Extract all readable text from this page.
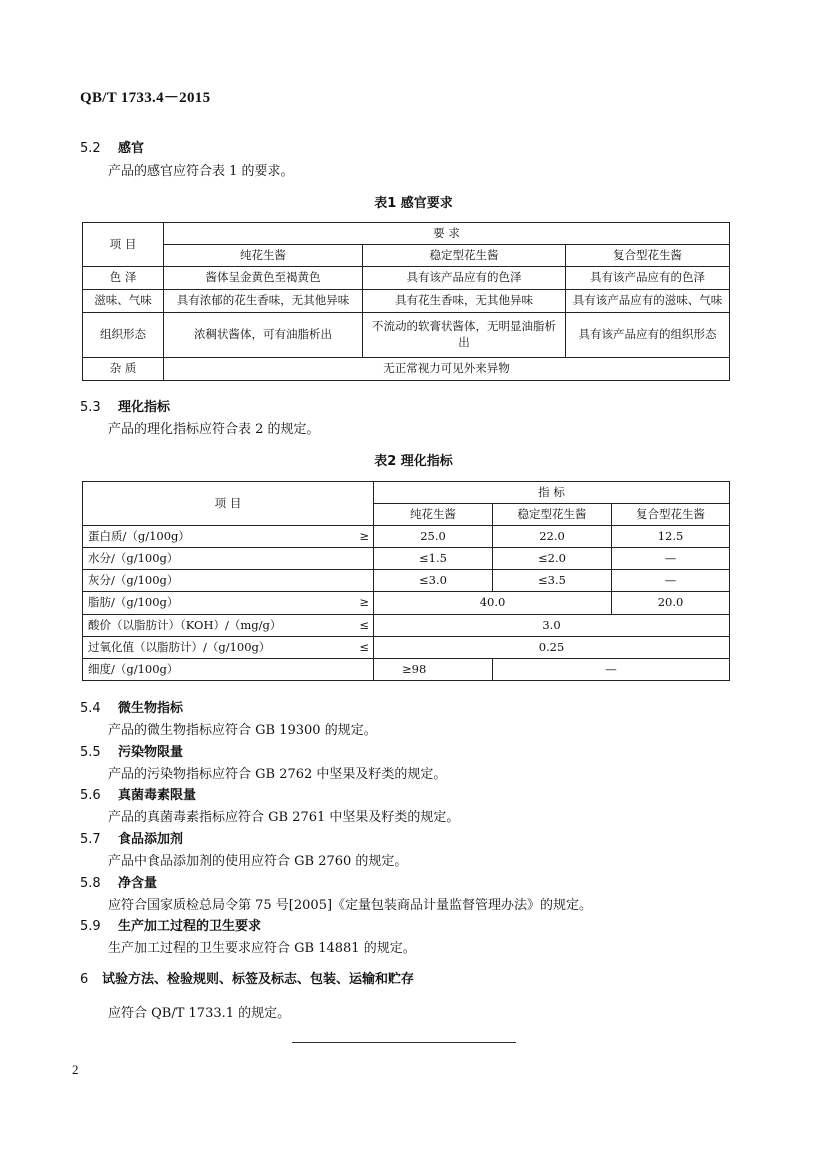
QB/T 1733.4－2015
5.2 感官
产品的感官应符合表 1 的要求。
表1 感官要求
项 目	要 求		
	纯花生酱	稳定型花生酱	复合型花生酱
色 泽	酱体呈金黄色至褐黄色	具有该产品应有的色泽	具有该产品应有的色泽
滋味、气味	具有浓郁的花生香味，无其他异味	具有花生香味，无其他异味	具有该产品应有的滋味、气味
组织形态	浓稠状酱体，可有油脂析出	不流动的软膏状酱体，无明显油脂析出	具有该产品应有的组织形态
杂 质	无正常视力可见外来异物		
5.3 理化指标
产品的理化指标应符合表 2 的规定。
表2 理化指标
项 目	指 标		
	纯花生酱	稳定型花生酱	复合型花生酱

蛋白质/（g/100g） ≥	25.0	22.0	12.5

水分/（g/100g）	≤1.5	≤2.0	—

灰分/（g/100g）	≤3.0	≤3.5	—

脂肪/（g/100g） ≥	40.0		20.0

酸价（以脂肪计）（KOH）/（mg/g） ≤	3.0		

过氧化值（以脂肪计）/（g/100g） ≤	0.25		

细度/（g/100g）	≥98	—	
5.4 微生物指标
产品的微生物指标应符合 GB 19300 的规定。
5.5 污染物限量
产品的污染物指标应符合 GB 2762 中坚果及籽类的规定。
5.6 真菌毒素限量
产品的真菌毒素指标应符合 GB 2761 中坚果及籽类的规定。
5.7 食品添加剂
产品中食品添加剂的使用应符合 GB 2760 的规定。
5.8 净含量
应符合国家质检总局令第 75 号[2005]《定量包装商品计量监督管理办法》的规定。
5.9 生产加工过程的卫生要求
生产加工过程的卫生要求应符合 GB 14881 的规定。
6 试验方法、检验规则、标签及标志、包装、运输和贮存
应符合 QB/T 1733.1 的规定。
2
